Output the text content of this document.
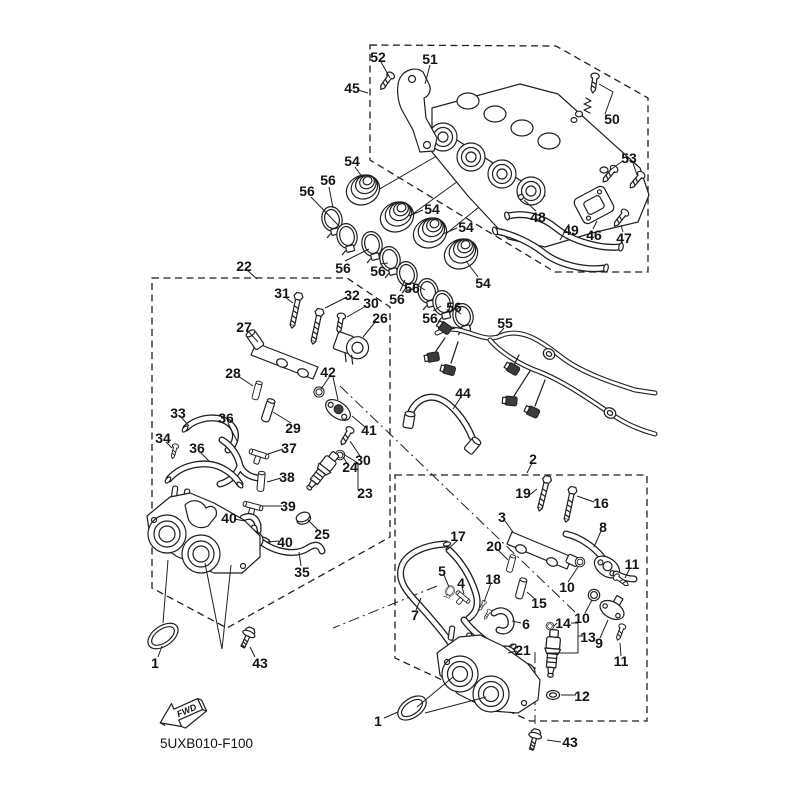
52	51
45
50
53
48
49 46 47
54
54
54
54
56
56
56 56
56
56	56
56
22
31	32 30
26
27
28	42
33 36
29	41
34
36	37
30
24
38
23
39
40
25
40
35
1	43
55
44
2
19
16
3
8
17
20
11
5	18
4	10
15
7	10
14
6
13 9
21
11
12
1
43
FWD
5UXB010-F100
